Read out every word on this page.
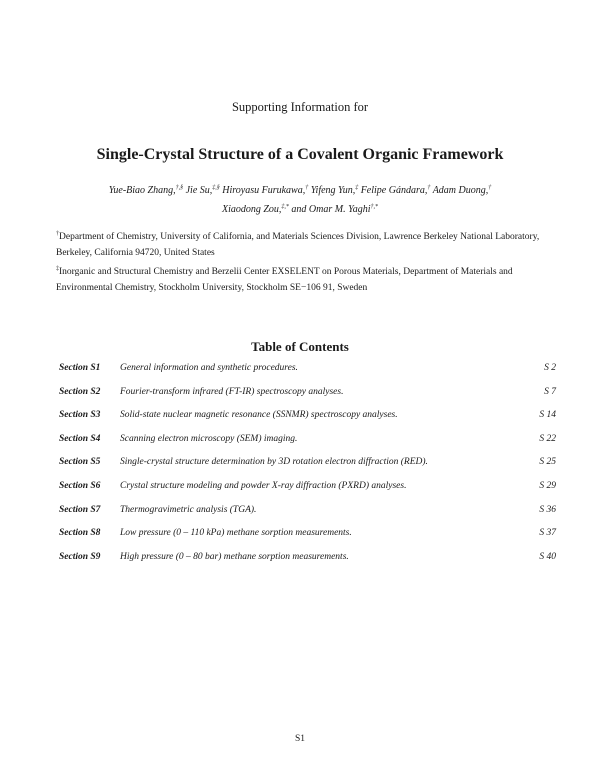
Supporting Information for
Single-Crystal Structure of a Covalent Organic Framework
Yue-Biao Zhang,†,§ Jie Su,‡,§ Hiroyasu Furukawa,† Yifeng Yun,‡ Felipe Gándara,† Adam Duong,†
Xiaodong Zou,‡,* and Omar M. Yaghi†,*
†Department of Chemistry, University of California, and Materials Sciences Division, Lawrence Berkeley National Laboratory, Berkeley, California 94720, United States
‡Inorganic and Structural Chemistry and Berzelii Center EXSELENT on Porous Materials, Department of Materials and Environmental Chemistry, Stockholm University, Stockholm SE−106 91, Sweden
Table of Contents
Section S1 General information and synthetic procedures.	S 2
Section S2 Fourier-transform infrared (FT-IR) spectroscopy analyses.	S 7
Section S3 Solid-state nuclear magnetic resonance (SSNMR) spectroscopy analyses.	S 14
Section S4 Scanning electron microscopy (SEM) imaging.	S 22
Section S5 Single-crystal structure determination by 3D rotation electron diffraction (RED).	S 25
Section S6 Crystal structure modeling and powder X-ray diffraction (PXRD) analyses.	S 29
Section S7 Thermogravimetric analysis (TGA).	S 36
Section S8 Low pressure (0 – 110 kPa) methane sorption measurements.	S 37
Section S9 High pressure (0 – 80 bar) methane sorption measurements.	S 40
S1
